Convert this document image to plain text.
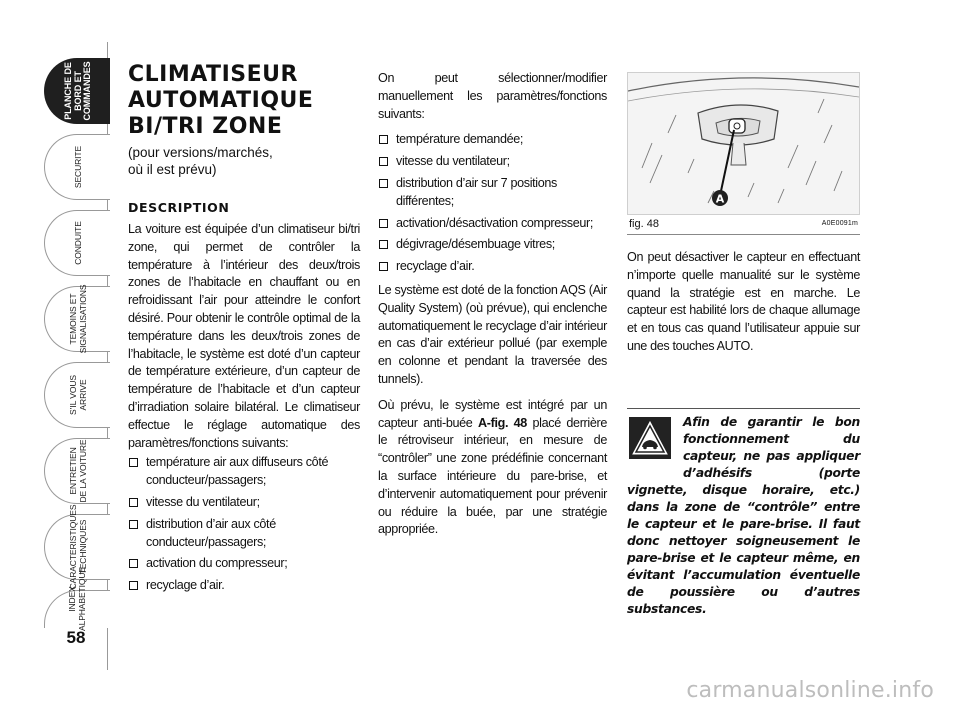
PLANCHE DE
BORD ET
COMMANDES
SECURITE
CONDUITE
TEMOINS ET
SIGNALISATIONS
S’IL VOUS
ARRIVE
ENTRETIEN
DE LA VOITURE
CARACTERISTIQUES
TECHNIQUES
INDEX
ALPHABETIQUE
58
CLIMATISEUR
AUTOMATIQUE
BI/TRI ZONE

(pour versions/marchés,
où il est prévu)

DESCRIPTION

La voiture est équipée d’un climatiseur bi/tri zone, qui permet de contrôler la température à l’intérieur des deux/trois zones de l’habitacle en chauffant ou en refroidissant l’air pour atteindre le confort désiré. Pour obtenir le contrôle optimal de la température dans les deux/trois zones de l’habitacle, le système est doté d’un capteur de température extérieure, d’un capteur de température de l’habitacle et d’un capteur d’irradiation solaire bilatéral. Le climatiseur effectue le réglage automatique des paramètres/fonctions suivants:

température air aux diffuseurs côté conducteur/passagers;
vitesse du ventilateur;
distribution d’air aux côté conducteur/passagers;
activation du compresseur;
recyclage d’air.

On peut sélectionner/modifier manuellement les paramètres/fonctions suivants:

température demandée;
vitesse du ventilateur;
distribution d’air sur 7 positions différentes;
activation/désactivation compresseur;
dégivrage/désembuage vitres;
recyclage d’air.

Le système est doté de la fonction AQS (Air Quality System) (où prévue), qui enclenche automatiquement le recyclage d’air intérieur en cas d’air extérieur pollué (par exemple en colonne et pendant la traversée des tunnels).

Où prévu, le système est intégré par un capteur anti-buée A-fig. 48 placé derrière le rétroviseur intérieur, en mesure de “contrôler” une zone prédéfinie concernant la surface intérieure du pare-brise, et d’intervenir automatiquement pour prévenir ou réduire la buée, par une stratégie appropriée.

A
fig. 48	A0E0091m

On peut désactiver le capteur en effectuant n’importe quelle manualité sur le système quand la stratégie est en marche. Le capteur est habilité lors de chaque allumage et en tous cas quand l’utilisateur appuie sur une des touches AUTO.

Afin de garantir le bon fonctionnement du capteur, ne pas appliquer d’adhésifs (porte vignette, disque horaire, etc.) dans la zone de “contrôle” entre le capteur et le pare-brise. Il faut donc nettoyer soigneusement le pare-brise et le capteur même, en évitant l’accumulation éventuelle de poussière ou d’autres substances.

carmanualsonline.info
